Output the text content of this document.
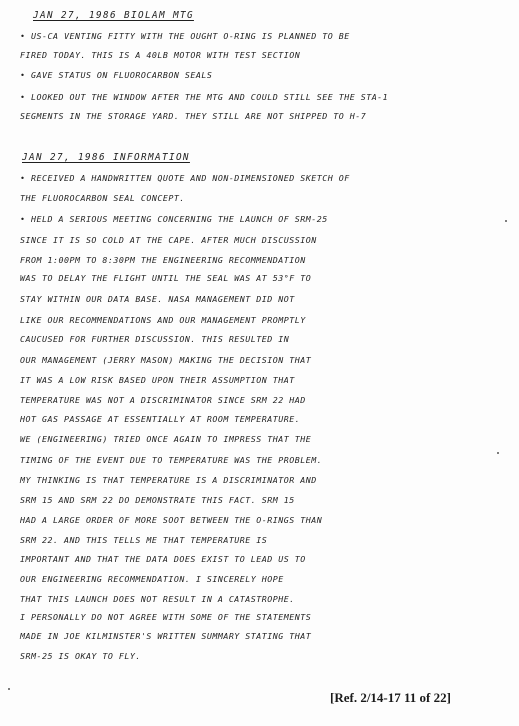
JAN 27, 1986 BIOLAM MTG
• US-CA VENTING FITTY WITH THE OUGHT O-RING IS PLANNED TO BE
FIRED TODAY. THIS IS A 40LB MOTOR WITH TEST SECTION
• GAVE STATUS ON FLUOROCARBON SEALS
• LOOKED OUT THE WINDOW AFTER THE MTG AND COULD STILL SEE THE STA-1
SEGMENTS IN THE STORAGE YARD. THEY STILL ARE NOT SHIPPED TO H-7
JAN 27, 1986 INFORMATION
• RECEIVED A HANDWRITTEN QUOTE AND NON-DIMENSIONED SKETCH OF
THE FLUOROCARBON SEAL CONCEPT.
• HELD A SERIOUS MEETING CONCERNING THE LAUNCH OF SRM-25
SINCE IT IS SO COLD AT THE CAPE. AFTER MUCH DISCUSSION
FROM 1:00PM TO 8:30PM THE ENGINEERING RECOMMENDATION
WAS TO DELAY THE FLIGHT UNTIL THE SEAL WAS AT 53°F TO
STAY WITHIN OUR DATA BASE. NASA MANAGEMENT DID NOT
LIKE OUR RECOMMENDATIONS AND OUR MANAGEMENT PROMPTLY
CAUCUSED FOR FURTHER DISCUSSION. THIS RESULTED IN
OUR MANAGEMENT (JERRY MASON) MAKING THE DECISION THAT
IT WAS A LOW RISK BASED UPON THEIR ASSUMPTION THAT
TEMPERATURE WAS NOT A DISCRIMINATOR SINCE SRM 22 HAD
HOT GAS PASSAGE AT ESSENTIALLY AT ROOM TEMPERATURE.
WE (ENGINEERING) TRIED ONCE AGAIN TO IMPRESS THAT THE
TIMING OF THE EVENT DUE TO TEMPERATURE WAS THE PROBLEM.
MY THINKING IS THAT TEMPERATURE IS A DISCRIMINATOR AND
SRM 15 AND SRM 22 DO DEMONSTRATE THIS FACT. SRM 15
HAD A LARGE ORDER OF MORE SOOT BETWEEN THE O-RINGS THAN
SRM 22. AND THIS TELLS ME THAT TEMPERATURE IS
IMPORTANT AND THAT THE DATA DOES EXIST TO LEAD US TO
OUR ENGINEERING RECOMMENDATION. I SINCERELY HOPE
THAT THIS LAUNCH DOES NOT RESULT IN A CATASTROPHE.
I PERSONALLY DO NOT AGREE WITH SOME OF THE STATEMENTS
MADE IN JOE KILMINSTER'S WRITTEN SUMMARY STATING THAT
SRM-25 IS OKAY TO FLY.
[Ref. 2/14-17 11 of 22]
